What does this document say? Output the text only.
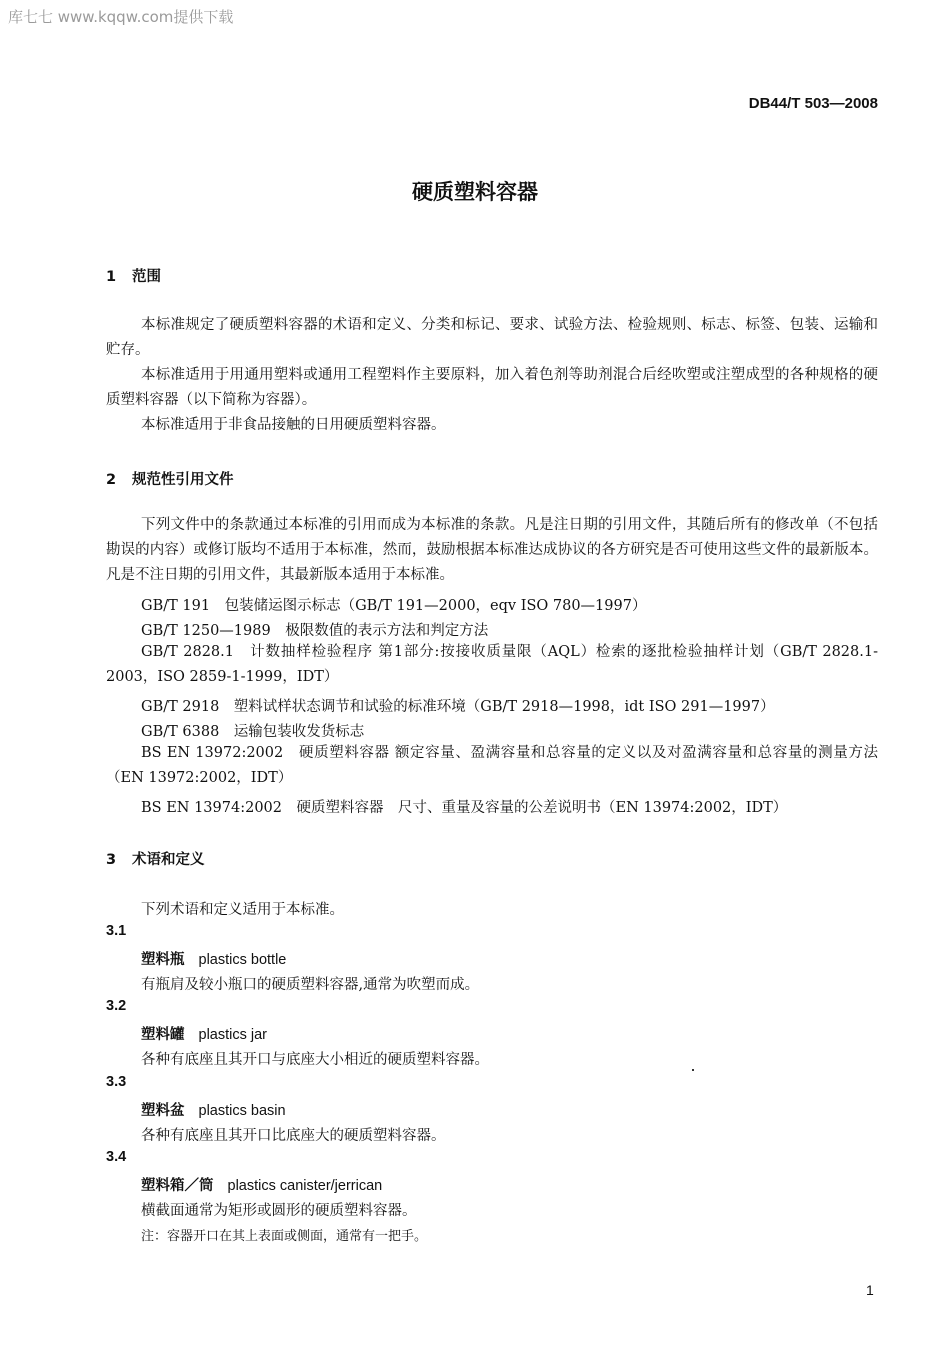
库七七 www.kqqw.com提供下载
DB44/T 503—2008
硬质塑料容器
1 范围

本标准规定了硬质塑料容器的术语和定义、分类和标记、要求、试验方法、检验规则、标志、标签、包装、运输和贮存。

本标准适用于用通用塑料或通用工程塑料作主要原料，加入着色剂等助剂混合后经吹塑或注塑成型的各种规格的硬质塑料容器（以下简称为容器）。

本标准适用于非食品接触的日用硬质塑料容器。

2 规范性引用文件

下列文件中的条款通过本标准的引用而成为本标准的条款。凡是注日期的引用文件，其随后所有的修改单（不包括勘误的内容）或修订版均不适用于本标准，然而，鼓励根据本标准达成协议的各方研究是否可使用这些文件的最新版本。凡是不注日期的引用文件，其最新版本适用于本标准。

GB/T 191　包装储运图示标志（GB/T 191—2000，eqv ISO 780—1997）
GB/T 1250—1989　极限数值的表示方法和判定方法

GB/T 2828.1　计数抽样检验程序 第1部分:按接收质量限（AQL）检索的逐批检验抽样计划（GB/T 2828.1-2003，ISO 2859-1-1999，IDT）

GB/T 2918　塑料试样状态调节和试验的标准环境（GB/T 2918—1998，idt ISO 291—1997）
GB/T 6388　运输包装收发货标志

BS EN 13972:2002　硬质塑料容器 额定容量、盈满容量和总容量的定义以及对盈满容量和总容量的测量方法（EN 13972:2002，IDT）

BS EN 13974:2002　硬质塑料容器　尺寸、重量及容量的公差说明书（EN 13974:2002，IDT）
3 术语和定义
下列术语和定义适用于本标准。
3.1
塑料瓶 plastics bottle
有瓶肩及较小瓶口的硬质塑料容器,通常为吹塑而成。
3.2
塑料罐 plastics jar
各种有底座且其开口与底座大小相近的硬质塑料容器。
3.3
塑料盆 plastics basin
各种有底座且其开口比底座大的硬质塑料容器。
3.4
塑料箱／筒 plastics canister/jerrican
横截面通常为矩形或圆形的硬质塑料容器。
注：容器开口在其上表面或侧面，通常有一把手。
1
